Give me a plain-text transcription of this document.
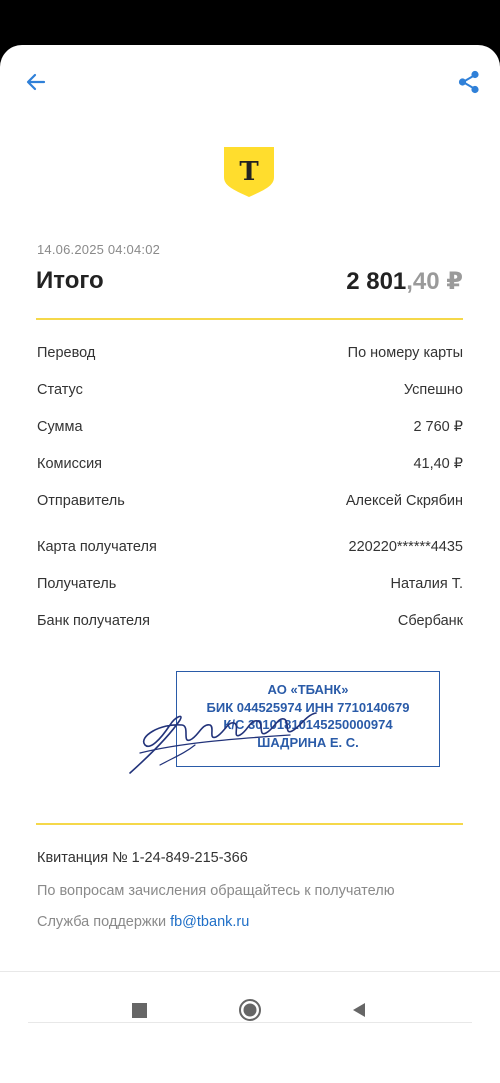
Т
14.06.2025 04:04:02
Итого	2 801,40 ₽
Перевод	По номеру карты
Статус	Успешно
Сумма	2 760 ₽
Комиссия	41,40 ₽
Отправитель	Алексей Скрябин
Карта получателя	220220******4435
Получатель	Наталия Т.
Банк получателя	Сбербанк
АО «ТБАНК»
БИК 044525974 ИНН 7710140679
К/С 30101810145250000974
ШАДРИНА Е. С.
Квитанция № 1-24-849-215-366
По вопросам зачисления обращайтесь к получателю
Служба поддержки fb@tbank.ru
